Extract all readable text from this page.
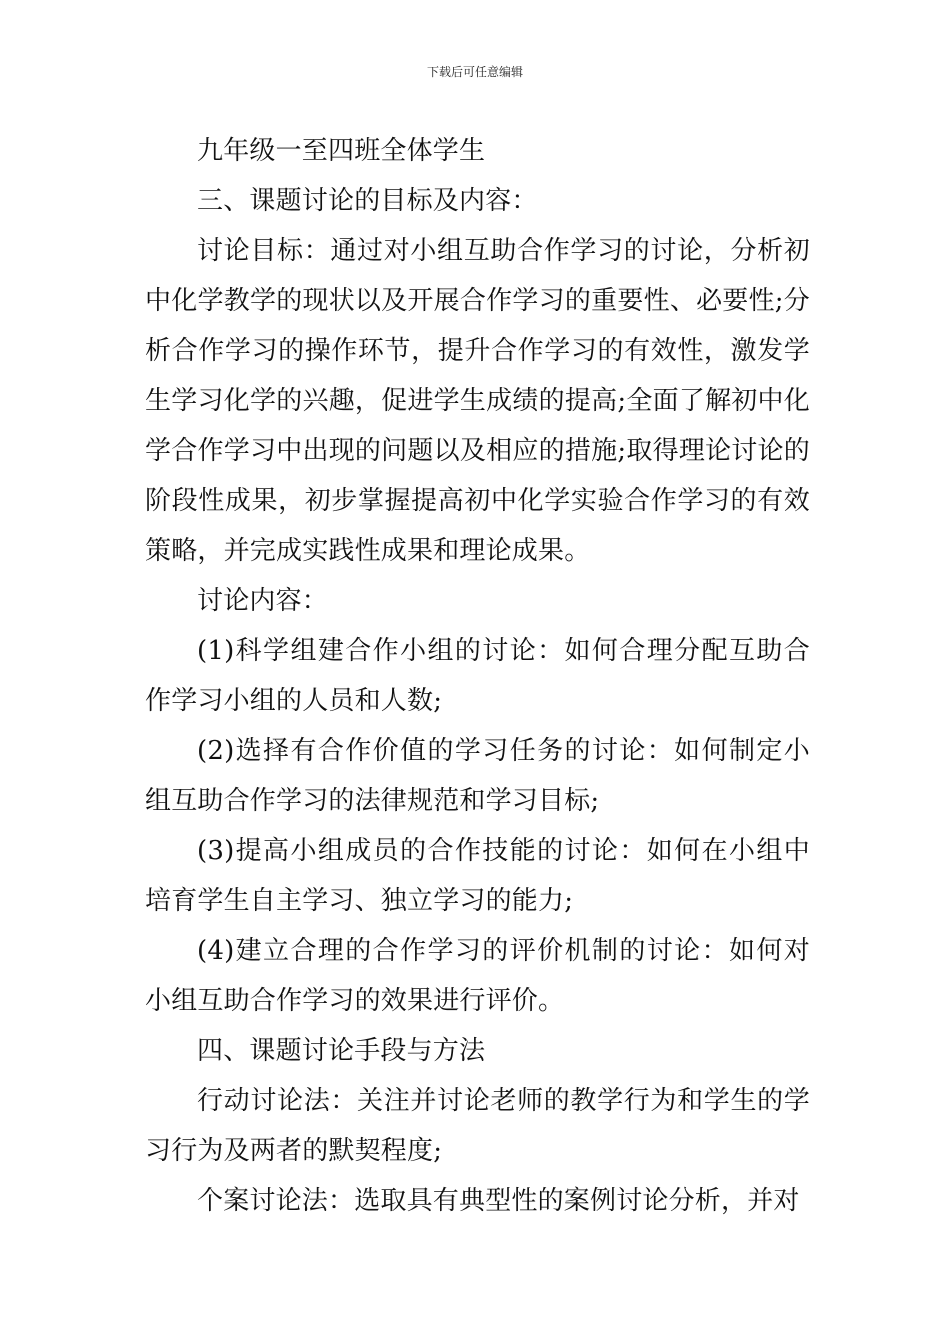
下载后可任意编辑

九年级一至四班全体学生

三、课题讨论的目标及内容：

讨论目标：通过对小组互助合作学习的讨论，分析初中化学教学的现状以及开展合作学习的重要性、必要性;分析合作学习的操作环节，提升合作学习的有效性，激发学生学习化学的兴趣，促进学生成绩的提高;全面了解初中化学合作学习中出现的问题以及相应的措施;取得理论讨论的阶段性成果，初步掌握提高初中化学实验合作学习的有效策略，并完成实践性成果和理论成果。

讨论内容：

(1)科学组建合作小组的讨论：如何合理分配互助合作学习小组的人员和人数;

(2)选择有合作价值的学习任务的讨论：如何制定小组互助合作学习的法律规范和学习目标;

(3)提高小组成员的合作技能的讨论：如何在小组中培育学生自主学习、独立学习的能力;

(4)建立合理的合作学习的评价机制的讨论：如何对小组互助合作学习的效果进行评价。

四、课题讨论手段与方法

行动讨论法：关注并讨论老师的教学行为和学生的学习行为及两者的默契程度;

个案讨论法：选取具有典型性的案例讨论分析，并对
